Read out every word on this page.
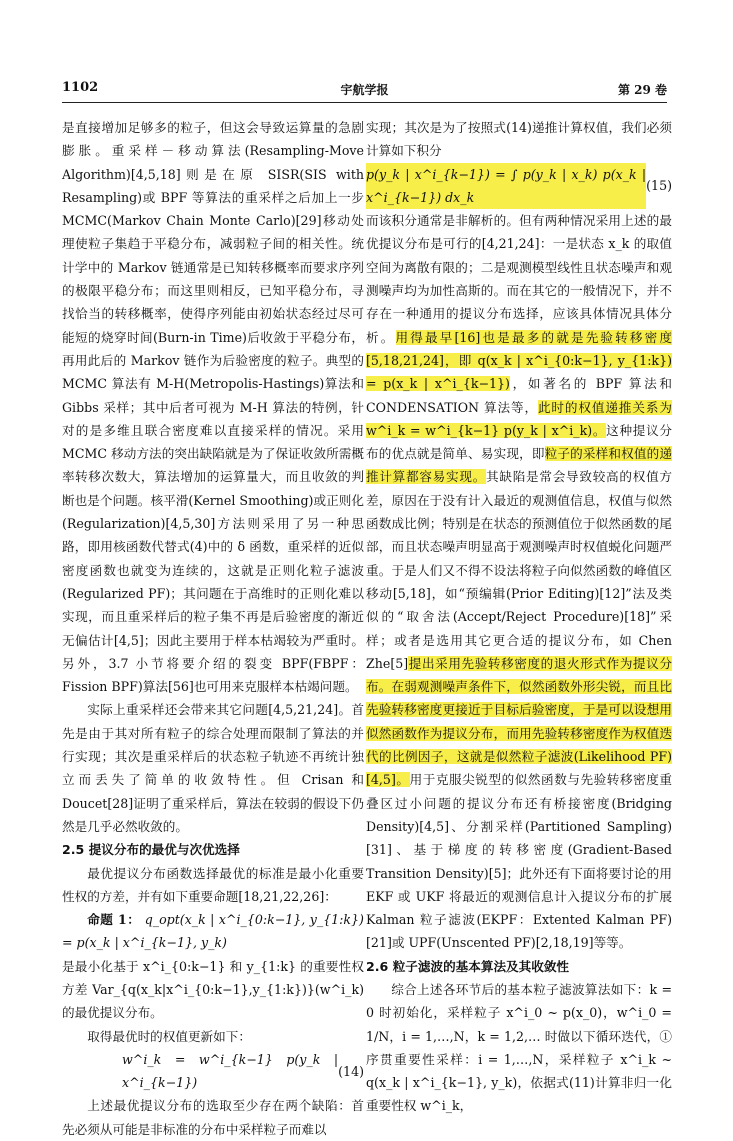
1102	宇航学报	第 29 卷

是直接增加足够多的粒子，但这会导致运算量的急剧膨胀。重采样－移动算法(Resampling-Move Algorithm)[4,5,18]则是在原 SISR(SIS with Resampling)或 BPF 等算法的重采样之后加上一步 MCMC(Markov Chain Monte Carlo)[29]移动处理使粒子集趋于平稳分布，减弱粒子间的相关性。统计学中的 Markov 链通常是已知转移概率而要求序列的极限平稳分布；而这里则相反，已知平稳分布，寻找恰当的转移概率，使得序列能由初始状态经过尽可能短的烧穿时间(Burn-in Time)后收敛于平稳分布，再用此后的 Markov 链作为后验密度的粒子。典型的 MCMC 算法有 M-H(Metropolis-Hastings)算法和 Gibbs 采样；其中后者可视为 M-H 算法的特例，针对的是多维且联合密度难以直接采样的情况。采用 MCMC 移动方法的突出缺陷就是为了保证收敛所需概率转移次数大，算法增加的运算量大，而且收敛的判断也是个问题。核平滑(Kernel Smoothing)或正则化(Regularization)[4,5,30]方法则采用了另一种思路，即用核函数代替式(4)中的 δ 函数，重采样的近似密度函数也就变为连续的，这就是正则化粒子滤波(Regularized PF)；其问题在于高维时的正则化难以实现，而且重采样后的粒子集不再是后验密度的渐近无偏估计[4,5]；因此主要用于样本枯竭较为严重时。另外，3.7 小节将要介绍的裂变 BPF(FBPF：Fission BPF)算法[56]也可用来克服样本枯竭问题。

实际上重采样还会带来其它问题[4,5,21,24]。首先是由于其对所有粒子的综合处理而限制了算法的并行实现；其次是重采样后的状态粒子轨迹不再统计独立而丢失了简单的收敛特性。但 Crisan 和 Doucet[28]证明了重采样后，算法在较弱的假设下仍然是几乎必然收敛的。

2.5 提议分布的最优与次优选择

最优提议分布函数选择最优的标准是最小化重要性权的方差，并有如下重要命题[18,21,22,26]：

命题 1： q_opt(x_k | x^i_{0:k−1}, y_{1:k}) = p(x_k | x^i_{k−1}, y_k)

是最小化基于 x^i_{0:k−1} 和 y_{1:k} 的重要性权方差 Var_{q(x_k|x^i_{0:k−1},y_{1:k})}(w^i_k) 的最优提议分布。

取得最优时的权值更新如下：

w^i_k = w^i_{k−1} p(y_k | x^i_{k−1})
(14)

上述最优提议分布的选取至少存在两个缺陷：首先必须从可能是非标准的分布中采样粒子而难以

实现；其次是为了按照式(14)递推计算权值，我们必须计算如下积分

p(y_k | x^i_{k−1}) = ∫ p(y_k | x_k) p(x_k | x^i_{k−1}) dx_k
(15)

而该积分通常是非解析的。但有两种情况采用上述的最优提议分布是可行的[4,21,24]：一是状态 x_k 的取值空间为离散有限的；二是观测模型线性且状态噪声和观测噪声均为加性高斯的。而在其它的一般情况下，并不存在一种通用的提议分布选择，应该具体情况具体分析。用得最早[16]也是最多的就是先验转移密度[5,18,21,24]，即 q(x_k | x^i_{0:k−1}, y_{1:k}) = p(x_k | x^i_{k−1})，如著名的 BPF 算法和 CONDENSATION 算法等，此时的权值递推关系为 w^i_k = w^i_{k−1} p(y_k | x^i_k)。这种提议分布的优点就是简单、易实现，即粒子的采样和权值的递推计算都容易实现。其缺陷是常会导致较高的权值方差，原因在于没有计入最近的观测值信息，权值与似然函数成比例；特别是在状态的预测值位于似然函数的尾部，而且状态噪声明显高于观测噪声时权值蜕化问题严重。于是人们又不得不设法将粒子向似然函数的峰值区移动[5,18]，如“预编辑(Prior Editing)[12]”法及类似的“取舍法(Accept/Reject Procedure)[18]”采样；或者是选用其它更合适的提议分布，如 Chen Zhe[5]提出采用先验转移密度的退火形式作为提议分布。在弱观测噪声条件下，似然函数外形尖锐，而且比先验转移密度更接近于目标后验密度，于是可以设想用似然函数作为提议分布，而用先验转移密度作为权值迭代的比例因子，这就是似然粒子滤波(Likelihood PF)[4,5]。用于克服尖锐型的似然函数与先验转移密度重叠区过小问题的提议分布还有桥接密度(Bridging Density)[4,5]、分割采样(Partitioned Sampling)[31]、基于梯度的转移密度(Gradient-Based Transition Density)[5]；此外还有下面将要讨论的用 EKF 或 UKF 将最近的观测信息计入提议分布的扩展 Kalman 粒子滤波(EKPF：Extented Kalman PF)[21]或 UPF(Unscented PF)[2,18,19]等等。

2.6 粒子滤波的基本算法及其收敛性

综合上述各环节后的基本粒子滤波算法如下：k = 0 时初始化，采样粒子 x^i_0 ~ p(x_0)，w^i_0 = 1/N，i = 1,…,N，k = 1,2,… 时做以下循环迭代，① 序贯重要性采样：i = 1,…,N，采样粒子 x^i_k ~ q(x_k | x^i_{k−1}, y_k)，依据式(11)计算非归一化重要性权 w^i_k，
